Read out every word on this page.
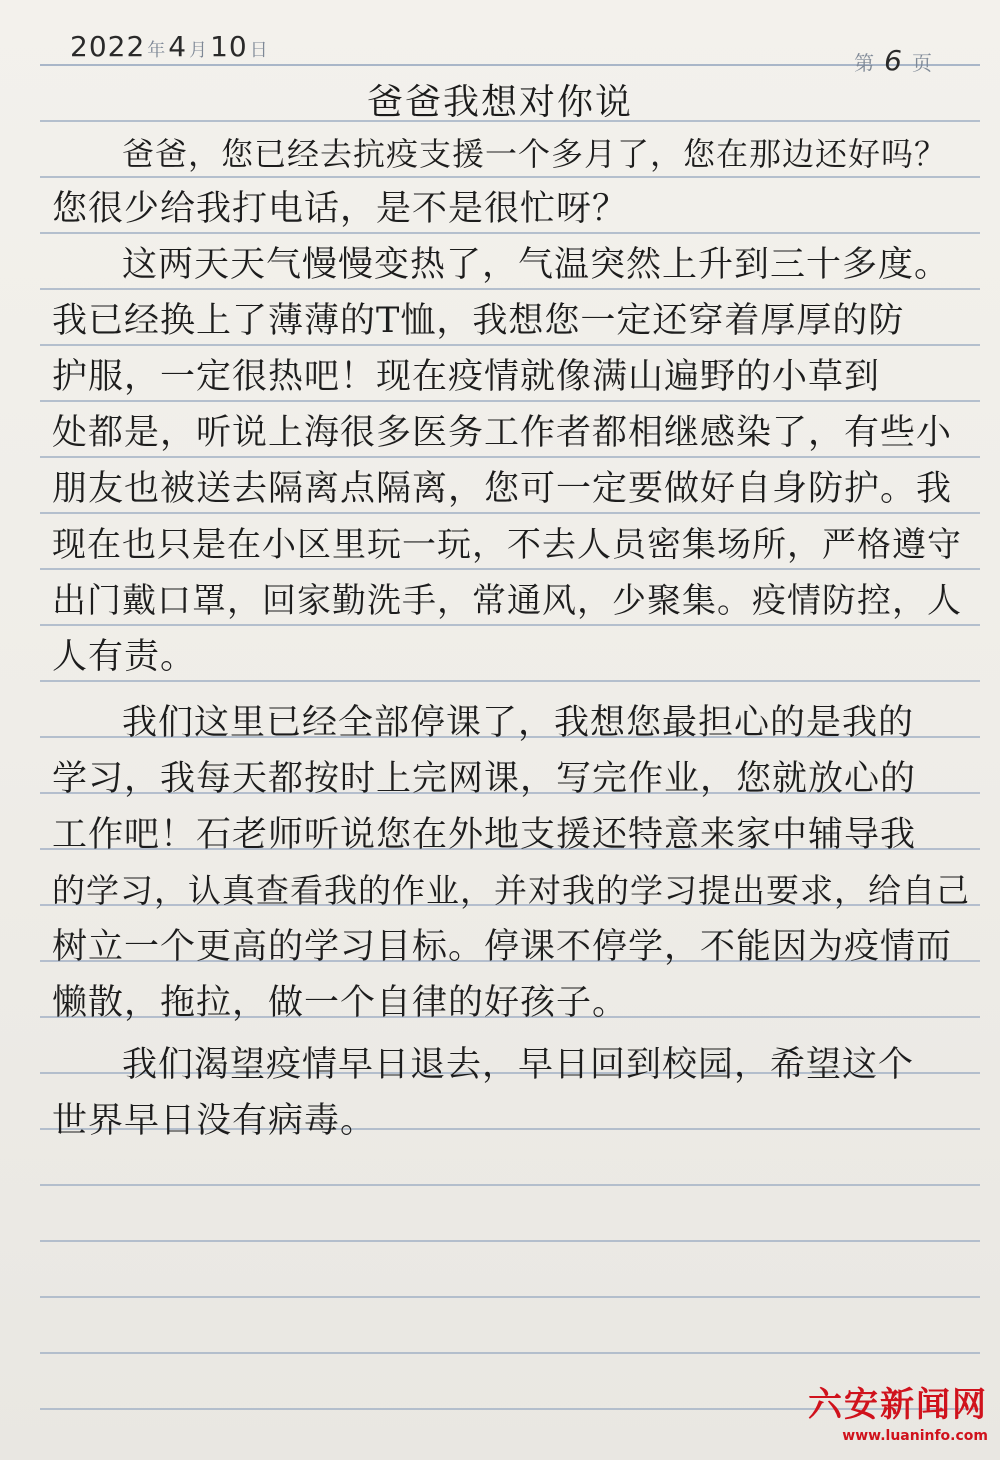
2022 年4 月10 日
第 6 页
爸爸我想对你说
爸爸，您已经去抗疫支援一个多月了，您在那边还好吗？
您很少给我打电话，是不是很忙呀？
这两天天气慢慢变热了，气温突然上升到三十多度。
我已经换上了薄薄的T恤，我想您一定还穿着厚厚的防
护服，一定很热吧！现在疫情就像满山遍野的小草到
处都是，听说上海很多医务工作者都相继感染了，有些小
朋友也被送去隔离点隔离，您可一定要做好自身防护。我
现在也只是在小区里玩一玩，不去人员密集场所，严格遵守
出门戴口罩，回家勤洗手，常通风，少聚集。疫情防控，人
人有责。
我们这里已经全部停课了，我想您最担心的是我的
学习，我每天都按时上完网课，写完作业，您就放心的
工作吧！石老师听说您在外地支援还特意来家中辅导我
的学习，认真查看我的作业，并对我的学习提出要求，给自己
树立一个更高的学习目标。停课不停学，不能因为疫情而
懒散，拖拉，做一个自律的好孩子。
我们渴望疫情早日退去，早日回到校园，希望这个
世界早日没有病毒。
六安新闻网
www.luaninfo.com
